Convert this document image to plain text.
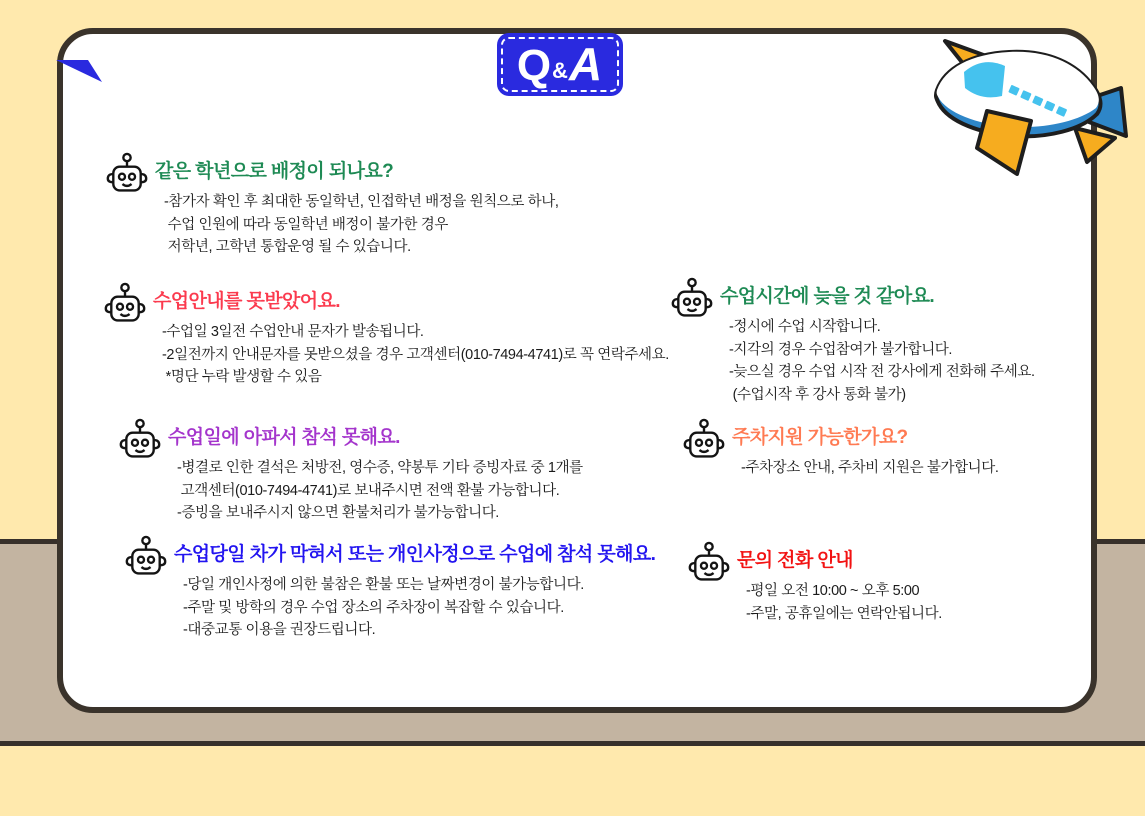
Q&A
같은 학년으로 배정이 되나요?
-참가자 확인 후 최대한 동일학년, 인접학년 배정을 원칙으로 하나,
수업 인원에 따라 동일학년 배정이 불가한 경우
저학년, 고학년 통합운영 될 수 있습니다.
수업안내를 못받았어요.
-수업일 3일전 수업안내 문자가 발송됩니다.
-2일전까지 안내문자를 못받으셨을 경우 고객센터(010-7494-4741)로 꼭 연락주세요.
*명단 누락 발생할 수 있음
수업시간에 늦을 것 같아요.
-정시에 수업 시작합니다.
-지각의 경우 수업참여가 불가합니다.
-늦으실 경우 수업 시작 전 강사에게 전화해 주세요.
(수업시작 후 강사 통화 불가)
수업일에 아파서 참석 못해요.
-병결로 인한 결석은 처방전, 영수증, 약봉투 기타 증빙자료 중 1개를
고객센터(010-7494-4741)로 보내주시면 전액 환불 가능합니다.
-증빙을 보내주시지 않으면 환불처리가 불가능합니다.
주차지원 가능한가요?
-주차장소 안내, 주차비 지원은 불가합니다.
수업당일 차가 막혀서 또는 개인사정으로 수업에 참석 못해요.
-당일 개인사정에 의한 불참은 환불 또는 날짜변경이 불가능합니다.
-주말 및 방학의 경우 수업 장소의 주차장이 복잡할 수 있습니다.
-대중교통 이용을 권장드립니다.
문의 전화 안내
-평일 오전 10:00 ~ 오후 5:00
-주말, 공휴일에는 연락안됩니다.
